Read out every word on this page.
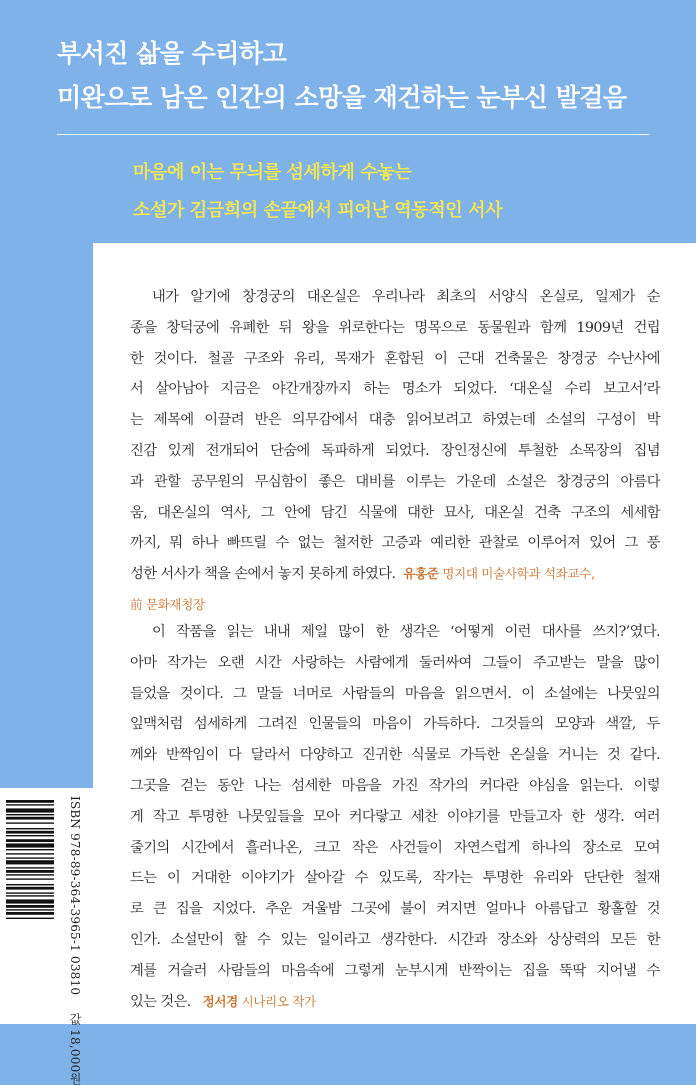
부서진 삶을 수리하고
미완으로 남은 인간의 소망을 재건하는 눈부신 발걸음
마음에 이는 무늬를 섬세하게 수놓는
소설가 김금희의 손끝에서 피어난 역동적인 서사
내가 알기에 창경궁의 대온실은 우리나라 최초의 서양식 온실로, 일제가 순
종을 창덕궁에 유폐한 뒤 왕을 위로한다는 명목으로 동물원과 함께 1909년 건립
한 것이다. 철골 구조와 유리, 목재가 혼합된 이 근대 건축물은 창경궁 수난사에
서 살아남아 지금은 야간개장까지 하는 명소가 되었다. ‘대온실 수리 보고서’라
는 제목에 이끌려 반은 의무감에서 대충 읽어보려고 하였는데 소설의 구성이 박
진감 있게 전개되어 단숨에 독파하게 되었다. 장인정신에 투철한 소목장의 집념
과 관할 공무원의 무심함이 좋은 대비를 이루는 가운데 소설은 창경궁의 아름다
움, 대온실의 역사, 그 안에 담긴 식물에 대한 묘사, 대온실 건축 구조의 세세함
까지, 뭐 하나 빠뜨릴 수 없는 철저한 고증과 예리한 관찰로 이루어져 있어 그 풍
성한 서사가 책을 손에서 놓지 못하게 하였다. 유홍준 명지대 미술사학과 석좌교수,
前 문화재청장
이 작품을 읽는 내내 제일 많이 한 생각은 ‘어떻게 이런 대사를 쓰지?’였다.
아마 작가는 오랜 시간 사랑하는 사람에게 둘러싸여 그들이 주고받는 말을 많이
들었을 것이다. 그 말들 너머로 사람들의 마음을 읽으면서. 이 소설에는 나뭇잎의
잎맥처럼 섬세하게 그려진 인물들의 마음이 가득하다. 그것들의 모양과 색깔, 두
께와 반짝임이 다 달라서 다양하고 진귀한 식물로 가득한 온실을 거니는 것 같다.
그곳을 걷는 동안 나는 섬세한 마음을 가진 작가의 커다란 야심을 읽는다. 이렇
게 작고 투명한 나뭇잎들을 모아 커다랗고 세찬 이야기를 만들고자 한 생각. 여러
줄기의 시간에서 흘러나온, 크고 작은 사건들이 자연스럽게 하나의 장소로 모여
드는 이 거대한 이야기가 살아갈 수 있도록, 작가는 투명한 유리와 단단한 철재
로 큰 집을 지었다. 추운 겨울밤 그곳에 불이 켜지면 얼마나 아름답고 황홀할 것
인가. 소설만이 할 수 있는 일이라고 생각한다. 시간과 장소와 상상력의 모든 한
계를 거슬러 사람들의 마음속에 그렇게 눈부시게 반짝이는 집을 뚝딱 지어낼 수
있는 것은. 정서경 시나리오 작가
ISBN 978-89-364-3965-1 03810 값 18,000원
